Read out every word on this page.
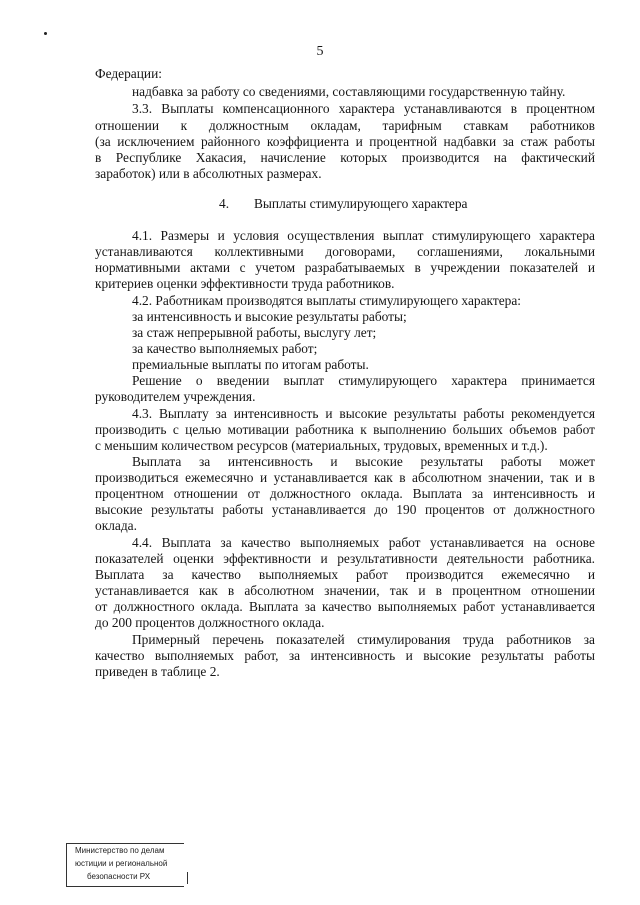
5
Федерации:
надбавка за работу со сведениями, составляющими государственную тайну.
3.3. Выплаты компенсационного характера устанавливаются в процентном
отношении к должностным окладам, тарифным ставкам работников
(за исключением районного коэффициента и процентной надбавки за стаж работы
в Республике Хакасия, начисление которых производится на фактический
заработок) или в абсолютных размерах.
4. Выплаты стимулирующего характера
4.1. Размеры и условия осуществления выплат стимулирующего характера
устанавливаются коллективными договорами, соглашениями, локальными
нормативными актами с учетом разрабатываемых в учреждении показателей и
критериев оценки эффективности труда работников.
4.2. Работникам производятся выплаты стимулирующего характера:
за интенсивность и высокие результаты работы;
за стаж непрерывной работы, выслугу лет;
за качество выполняемых работ;
премиальные выплаты по итогам работы.
Решение о введении выплат стимулирующего характера принимается
руководителем учреждения.
4.3. Выплату за интенсивность и высокие результаты работы рекомендуется
производить с целью мотивации работника к выполнению больших объемов работ
с меньшим количеством ресурсов (материальных, трудовых, временных и т.д.).
Выплата за интенсивность и высокие результаты работы может
производиться ежемесячно и устанавливается как в абсолютном значении, так и в
процентном отношении от должностного оклада. Выплата за интенсивность и
высокие результаты работы устанавливается до 190 процентов от должностного
оклада.
4.4. Выплата за качество выполняемых работ устанавливается на основе
показателей оценки эффективности и результативности деятельности работника.
Выплата за качество выполняемых работ производится ежемесячно и
устанавливается как в абсолютном значении, так и в процентном отношении
от должностного оклада. Выплата за качество выполняемых работ устанавливается
до 200 процентов должностного оклада.
Примерный перечень показателей стимулирования труда работников за
качество выполняемых работ, за интенсивность и высокие результаты работы
приведен в таблице 2.
Министерство по делам
юстиции и региональной
безопасности РХ
